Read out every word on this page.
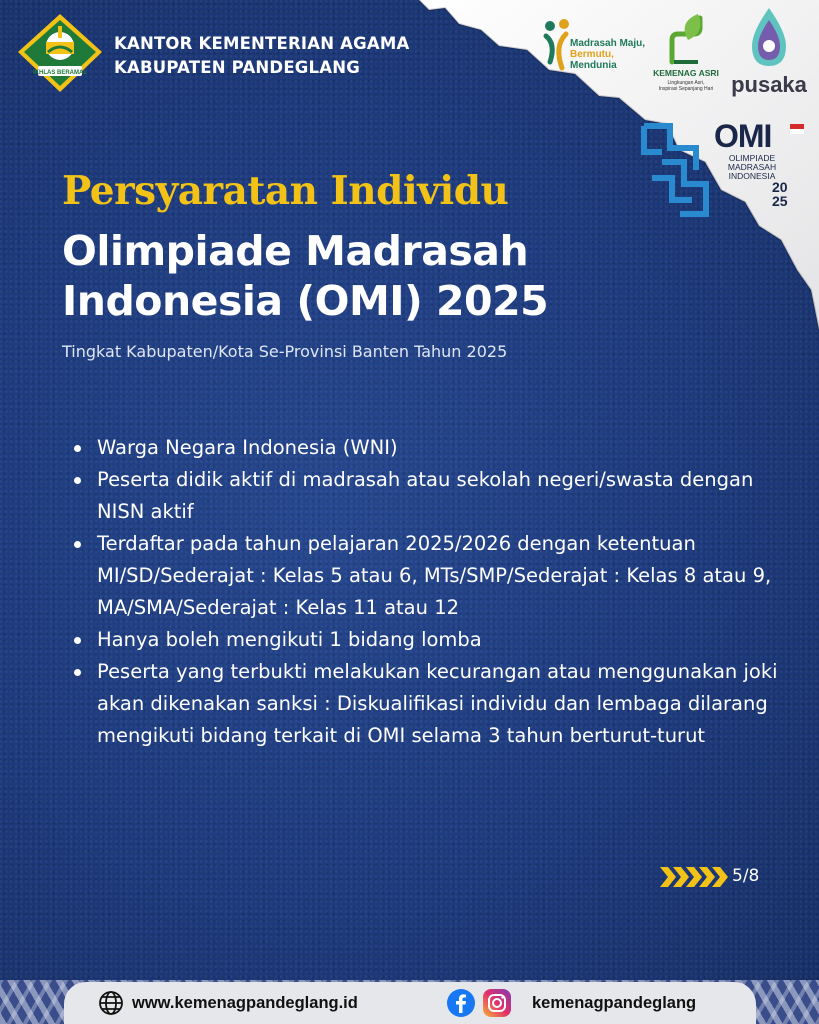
IKHLAS BERAMAL
KANTOR KEMENTERIAN AGAMA
KABUPATEN PANDEGLANG
Madrasah Maju,
Bermutu,
Mendunia
KEMENAG ASRI
Lingkungan Asri,
Inspirasi Sepanjang Hari pusaka
OMI
OLIMPIADE
MADRASAH
INDONESIA
20
25
Persyaratan Individu
Olimpiade Madrasah
Indonesia (OMI) 2025
Tingkat Kabupaten/Kota Se-Provinsi Banten Tahun 2025
Warga Negara Indonesia (WNI)
Peserta didik aktif di madrasah atau sekolah negeri/swasta dengan NISN aktif
Terdaftar pada tahun pelajaran 2025/2026 dengan ketentuan MI/SD/Sederajat : Kelas 5 atau 6, MTs/SMP/Sederajat : Kelas 8 atau 9, MA/SMA/Sederajat : Kelas 11 atau 12
Hanya boleh mengikuti 1 bidang lomba
Peserta yang terbukti melakukan kecurangan atau menggunakan joki akan dikenakan sanksi : Diskualifikasi individu dan lembaga dilarang mengikuti bidang terkait di OMI selama 3 tahun berturut-turut
5/8
www.kemenagpandeglang.id	kemenagpandeglang
